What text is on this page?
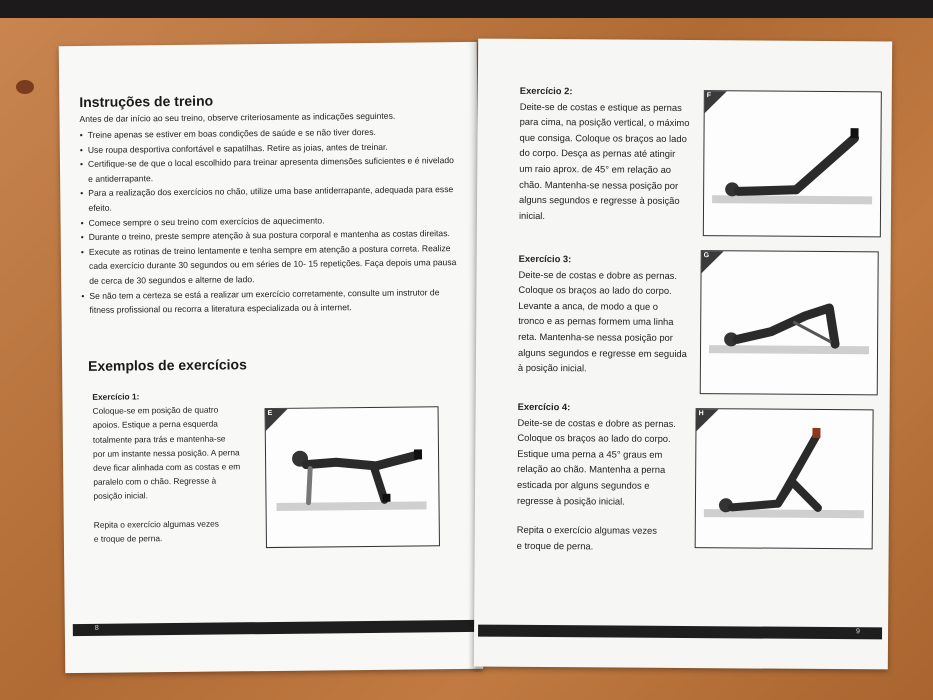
Instruções de treino
Antes de dar início ao seu treino, observe criteriosamente as indicações seguintes.
• Treine apenas se estiver em boas condições de saúde e se não tiver dores.
• Use roupa desportiva confortável e sapatilhas. Retire as joias, antes de treinar.
• Certifique-se de que o local escolhido para treinar apresenta dimensões suficientes e é nivelado e antiderrapante.
• Para a realização dos exercícios no chão, utilize uma base antiderrapante, adequada para esse efeito.
• Comece sempre o seu treino com exercícios de aquecimento.
• Durante o treino, preste sempre atenção à sua postura corporal e mantenha as costas direitas.
• Execute as rotinas de treino lentamente e tenha sempre em atenção a postura correta. Realize cada exercício durante 30 segundos ou em séries de 10- 15 repetições. Faça depois uma pausa de cerca de 30 segundos e alterne de lado.
• Se não tem a certeza se está a realizar um exercício corretamente, consulte um instrutor de fitness profissional ou recorra a literatura especializada ou à internet.
Exemplos de exercícios
Exercício 1:
Coloque-se em posição de quatro
apoios. Estique a perna esquerda
totalmente para trás e mantenha-se
por um instante nessa posição. A perna
deve ficar alinhada com as costas e em
paralelo com o chão. Regresse à
posição inicial.
Repita o exercício algumas vezes
e troque de perna.
E
8
Exercício 2:
Deite-se de costas e estique as pernas
para cima, na posição vertical, o máximo
que consiga. Coloque os braços ao lado
do corpo. Desça as pernas até atingir
um raio aprox. de 45° em relação ao
chão. Mantenha-se nessa posição por
alguns segundos e regresse à posição
inicial.
F
Exercício 3:
Deite-se de costas e dobre as pernas.
Coloque os braços ao lado do corpo.
Levante a anca, de modo a que o
tronco e as pernas formem uma linha
reta. Mantenha-se nessa posição por
alguns segundos e regresse em seguida
à posição inicial.
G
Exercício 4:
Deite-se de costas e dobre as pernas.
Coloque os braços ao lado do corpo.
Estique uma perna a 45° graus em
relação ao chão. Mantenha a perna
esticada por alguns segundos e
regresse à posição inicial.
Repita o exercício algumas vezes
e troque de perna.
H
9
